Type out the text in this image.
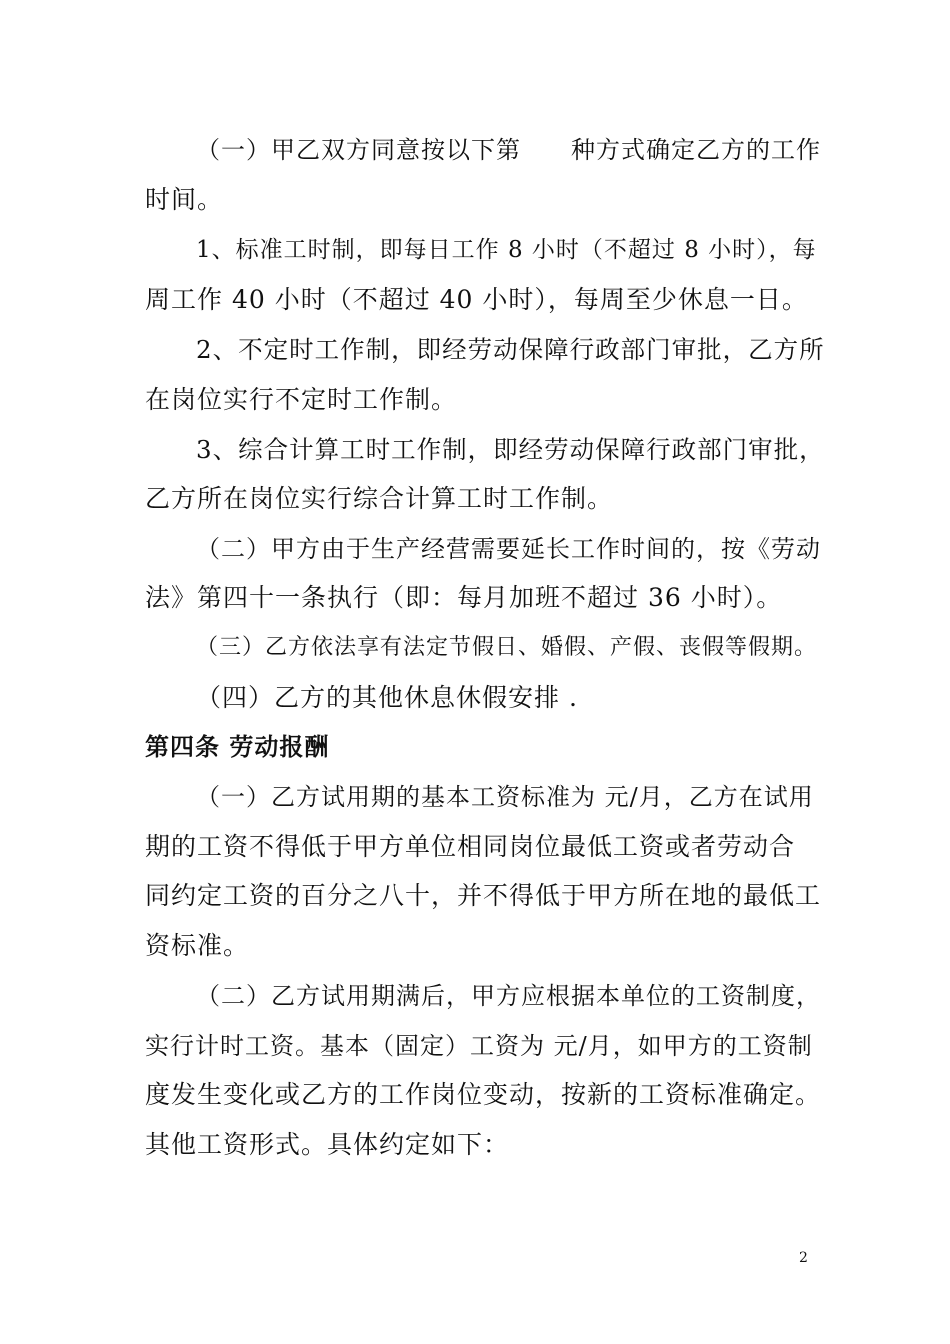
（一）甲乙双方同意按以下第　　种方式确定乙方的工作
时间。
1、标准工时制，即每日工作 8 小时（不超过 8 小时），每
周工作 40 小时（不超过 40 小时），每周至少休息一日。
2、不定时工作制，即经劳动保障行政部门审批，乙方所
在岗位实行不定时工作制。
3、综合计算工时工作制，即经劳动保障行政部门审批，
乙方所在岗位实行综合计算工时工作制。
（二）甲方由于生产经营需要延长工作时间的，按《劳动
法》第四十一条执行（即：每月加班不超过 36 小时）。
（三）乙方依法享有法定节假日、婚假、产假、丧假等假期。
（四）乙方的其他休息休假安排 .
第四条 劳动报酬
（一）乙方试用期的基本工资标准为 元/月，乙方在试用
期的工资不得低于甲方单位相同岗位最低工资或者劳动合
同约定工资的百分之八十，并不得低于甲方所在地的最低工
资标准。
（二）乙方试用期满后，甲方应根据本单位的工资制度，
实行计时工资。基本（固定）工资为 元/月，如甲方的工资制
度发生变化或乙方的工作岗位变动，按新的工资标准确定。
其他工资形式。具体约定如下：
2
